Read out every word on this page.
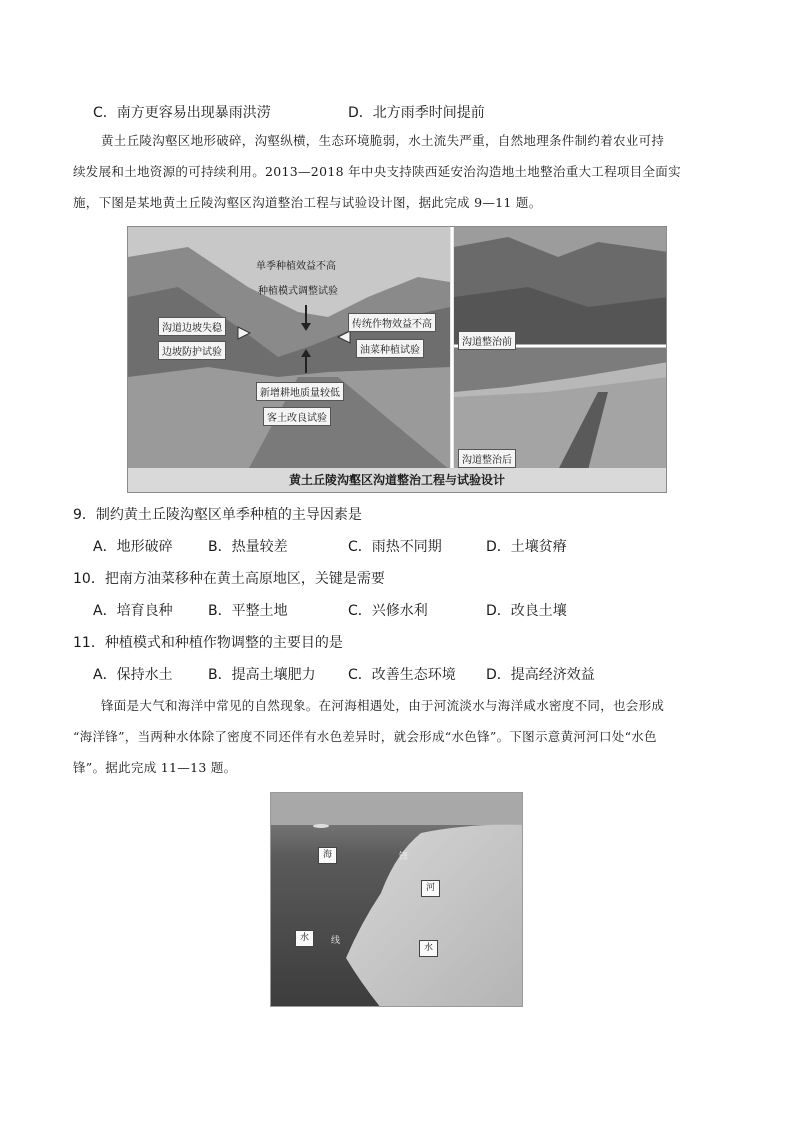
C．南方更容易出现暴雨洪涝	D．北方雨季时间提前

黄土丘陵沟壑区地形破碎，沟壑纵横，生态环境脆弱，水土流失严重，自然地理条件制约着农业可持

续发展和土地资源的可持续利用。2013—2018 年中央支持陕西延安治沟造地土地整治重大工程项目全面实
施，下图是某地黄土丘陵沟壑区沟道整治工程与试验设计图，据此完成 9—11 题。
单季种植效益不高
种植模式调整试验
沟道边坡失稳
边坡防护试验
传统作物效益不高
油菜种植试验
新增耕地质量较低
客土改良试验
沟道整治前
沟道整治后
黄土丘陵沟壑区沟道整治工程与试验设计
9．制约黄土丘陵沟壑区单季种植的主导因素是
A．地形破碎	B．热量较差	C．雨热不同期	D．土壤贫瘠
10．把南方油菜移种在黄土高原地区，关键是需要
A．培育良种	B．平整土地	C．兴修水利	D．改良土壤
11．种植模式和种植作物调整的主要目的是
A．保持水土	B．提高土壤肥力 C．改善生态环境 D．提高经济效益

锋面是大气和海洋中常见的自然现象。在河海相遇处，由于河流淡水与海洋咸水密度不同，也会形成

“海洋锋”，当两种水体除了密度不同还伴有水色差异时，就会形成“水色锋”。下图示意黄河河口处“水色
锋”。据此完成 11—13 题。
海	锋
河
水	线
水
